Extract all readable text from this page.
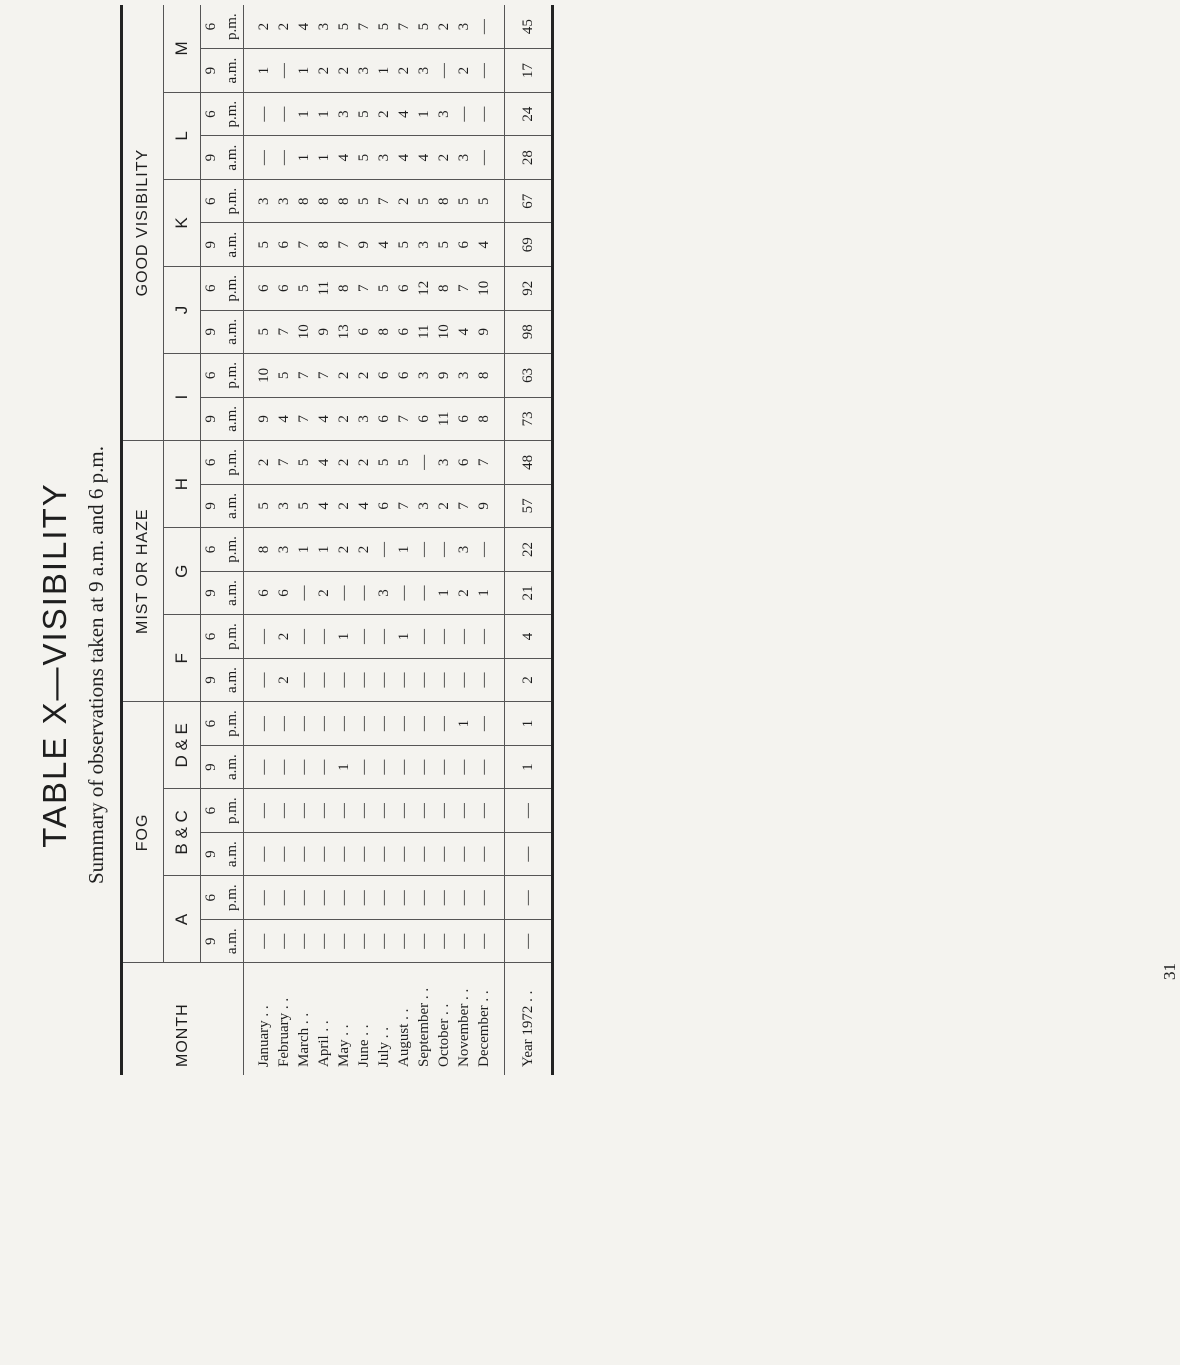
TABLE X—VISIBILITY Summary of observations taken at 9 a.m. and 6 p.m.
MONTH	FOG						MIST OR HAZE						GOOD VISIBILITY									
	A		B & C		D & E		F		G		H		I		J		K		L		M	
	9	6	9	6	9	6	9	6	9	6	9	6	9	6	9	6	9	6	9	6	9	6
	a.m.	p.m.	a.m.	p.m.	a.m.	p.m.	a.m.	p.m.	a.m.	p.m.	a.m.	p.m.	a.m.	p.m.	a.m.	p.m.	a.m.	p.m.	a.m.	p.m.	a.m.	p.m.
January . .	—	—	—	—	—	—	—	—	6	8	5	2	9	10	5	6	5	3	—	—	1	2
February . .	—	—	—	—	—	—	2	2	6	3	3	7	4	5	7	6	6	3	—	—	—	2
March . .	—	—	—	—	—	—	—	—	—	1	5	5	7	7	10	5	7	8	1	1	1	4
April . .	—	—	—	—	—	—	—	—	2	1	4	4	4	7	9	11	8	8	1	1	2	3
May . .	—	—	—	—	1	—	—	1	—	2	2	2	2	2	13	8	7	8	4	3	2	5
June . .	—	—	—	—	—	—	—	—	—	2	4	2	3	2	6	7	9	5	5	5	3	7
July . .	—	—	—	—	—	—	—	—	3	—	6	5	6	6	8	5	4	7	3	2	1	5
August . .	—	—	—	—	—	—	—	1	—	1	7	5	7	6	6	6	5	2	4	4	2	7
September . .	—	—	—	—	—	—	—	—	—	—	3	—	6	3	11	12	3	5	4	1	3	5
October . .	—	—	—	—	—	—	—	—	1	—	2	3	11	9	10	8	5	8	2	3	—	2
November . .	—	—	—	—	—	1	—	—	2	3	7	6	6	3	4	7	6	5	3	—	2	3
December . .	—	—	—	—	—	—	—	—	1	—	9	7	8	8	9	10	4	5	—	—	—	—
Year 1972 . .	—	—	—	—	1	1	2	4	21	22	57	48	73	63	98	92	69	67	28	24	17	45
31
